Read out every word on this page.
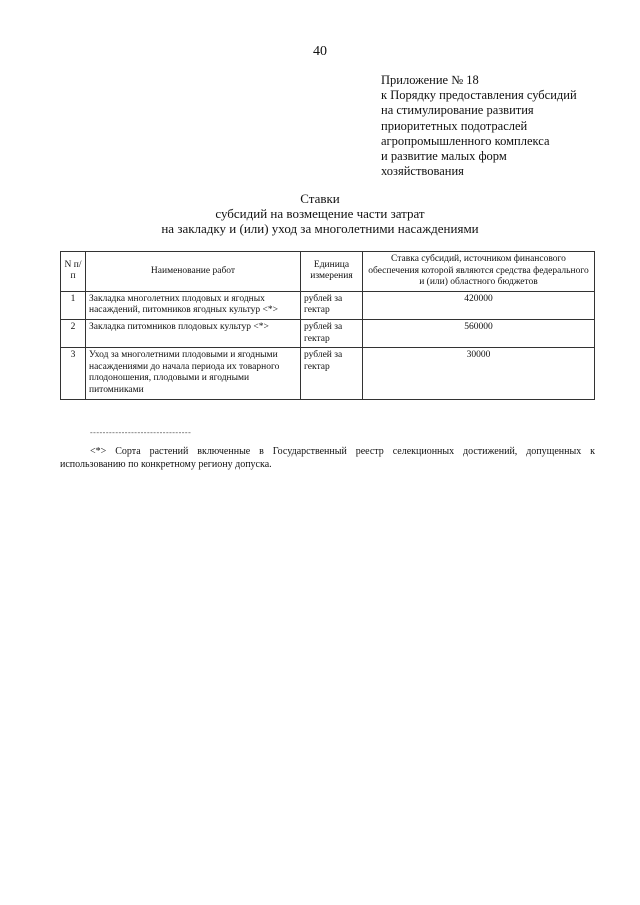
40
Приложение № 18
к Порядку предоставления субсидий
на стимулирование развития
приоритетных подотраслей
агропромышленного комплекса
и развитие малых форм
хозяйствования
Ставки
субсидий на возмещение части затрат
на закладку и (или) уход за многолетними насаждениями
N п/п	Наименование работ	Единица измерения	Ставка субсидий, источником финансового обеспечения которой являются средства федерального и (или) областного бюджетов
1	Закладка многолетних плодовых и ягодных насаждений, питомников ягодных культур <*>	рублей за гектар	420000
2	Закладка питомников плодовых культур <*>	рублей за гектар	560000
3	Уход за многолетними плодовыми и ягодными насаждениями до начала периода их товарного плодоношения, плодовыми и ягодными питомниками	рублей за гектар	30000
--------------------------------
<*> Сорта растений включенные в Государственный реестр селекционных достижений, допущенных к использованию по конкретному региону допуска.
